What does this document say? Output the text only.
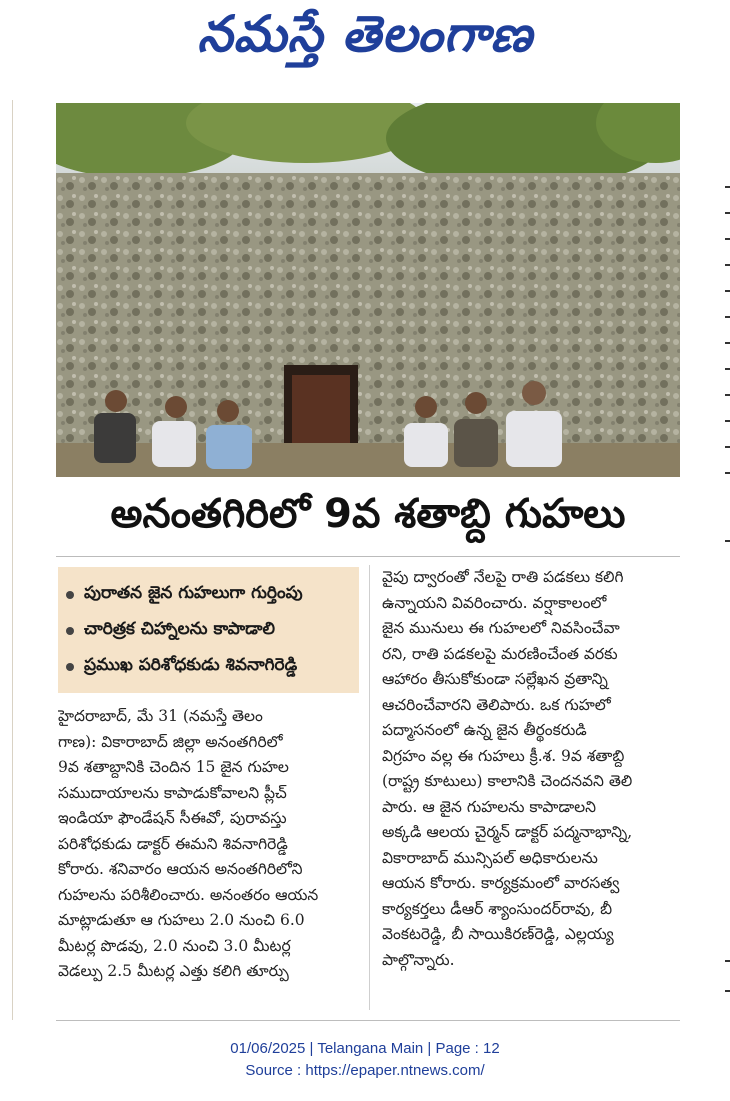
నమస్తే తెలంగాణ
అనంతగిరిలో 9వ శతాబ్ది గుహలు
పురాతన జైన గుహలుగా గుర్తింపు
చారిత్రక చిహ్నాలను కాపాడాలి
ప్రముఖ పరిశోధకుడు శివనాగిరెడ్డి
హైదరాబాద్, మే 31 (నమస్తే తెలం
గాణ): వికారాబాద్ జిల్లా అనంతగిరిలో
9వ శతాబ్దానికి చెందిన 15 జైన గుహల
సముదాయాలను కాపాడుకోవాలని ప్లీచ్
ఇండియా ఫౌండేషన్ సీఈవో, పురావస్తు
పరిశోధకుడు డాక్టర్ ఈమని శివనాగిరెడ్డి
కోరారు. శనివారం ఆయన అనంతగిరిలోని
గుహలను పరిశీలించారు. అనంతరం ఆయన
మాట్లాడుతూ ఆ గుహలు 2.0 నుంచి 6.0
మీటర్ల పొడవు, 2.0 నుంచి 3.0 మీటర్ల
వెడల్పు 2.5 మీటర్ల ఎత్తు కలిగి తూర్పు
వైపు ద్వారంతో నేలపై రాతి పడకలు కలిగి
ఉన్నాయని వివరించారు. వర్షాకాలంలో
జైన మునులు ఈ గుహలలో నివసించేవా
రని, రాతి పడకలపై మరణించేంత వరకు
ఆహారం తీసుకోకుండా సల్లేఖన వ్రతాన్ని
ఆచరించేవారని తెలిపారు. ఒక గుహలో
పద్మాసనంలో ఉన్న జైన తీర్థంకరుడి
విగ్రహం వల్ల ఈ గుహలు క్రీ.శ. 9వ శతాబ్ది
(రాష్ట్ర కూటులు) కాలానికి చెందనవని తెలి
పారు. ఆ జైన గుహలను కాపాడాలని
అక్కడి ఆలయ చైర్మన్ డాక్టర్ పద్మనాభాన్ని,
వికారాబాద్ మున్సిపల్ అధికారులను
ఆయన కోరారు. కార్యక్రమంలో వారసత్వ
కార్యకర్తలు డీఆర్ శ్యాంసుందర్‌రావు, బీ
వెంకటరెడ్డి, బీ సాయికిరణ్‌రెడ్డి, ఎల్లయ్య
పాల్గొన్నారు.
01/06/2025 | Telangana Main | Page : 12
Source : https://epaper.ntnews.com/
